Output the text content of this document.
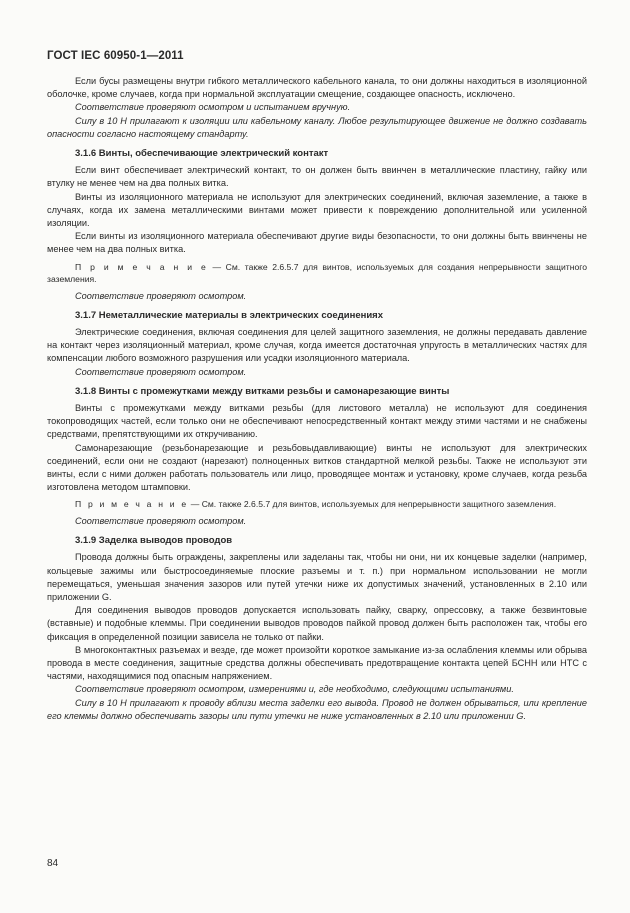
ГОСТ IEC 60950-1—2011

Если бусы размещены внутри гибкого металлического кабельного канала, то они должны находиться в изоляционной оболочке, кроме случаев, когда при нормальной эксплуатации смещение, создающее опасность, исключено.

Соответствие проверяют осмотром и испытанием вручную.

Силу в 10 Н прилагают к изоляции или кабельному каналу. Любое результирующее движение не должно создавать опасности согласно настоящему стандарту.

3.1.6 Винты, обеспечивающие электрический контакт

Если винт обеспечивает электрический контакт, то он должен быть ввинчен в металлические пластину, гайку или втулку не менее чем на два полных витка.

Винты из изоляционного материала не используют для электрических соединений, включая заземление, а также в случаях, когда их замена металлическими винтами может привести к повреждению дополнительной или усиленной изоляции.

Если винты из изоляционного материала обеспечивают другие виды безопасности, то они должны быть ввинчены не менее чем на два полных витка.

П р и м е ч а н и е — См. также 2.6.5.7 для винтов, используемых для создания непрерывности защитного заземления.

Соответствие проверяют осмотром.

3.1.7 Неметаллические материалы в электрических соединениях

Электрические соединения, включая соединения для целей защитного заземления, не должны передавать давление на контакт через изоляционный материал, кроме случая, когда имеется достаточная упругость в металлических частях для компенсации любого возможного разрушения или усадки изоляционного материала.

Соответствие проверяют осмотром.

3.1.8 Винты с промежутками между витками резьбы и самонарезающие винты

Винты с промежутками между витками резьбы (для листового металла) не используют для соединения токопроводящих частей, если только они не обеспечивают непосредственный контакт между этими частями и не снабжены средствами, препятствующими их откручиванию.

Самонарезающие (резьбонарезающие и резьбовыдавливающие) винты не используют для электрических соединений, если они не создают (нарезают) полноценных витков стандартной мелкой резьбы. Также не используют эти винты, если с ними должен работать пользователь или лицо, проводящее монтаж и установку, кроме случаев, когда резьба изготовлена методом штамповки.

П р и м е ч а н и е — См. также 2.6.5.7 для винтов, используемых для непрерывности защитного заземления.

Соответствие проверяют осмотром.

3.1.9 Заделка выводов проводов

Провода должны быть ограждены, закреплены или заделаны так, чтобы ни они, ни их концевые заделки (например, кольцевые зажимы или быстросоединяемые плоские разъемы и т. п.) при нормальном использовании не могли перемещаться, уменьшая значения зазоров или путей утечки ниже их допустимых значений, установленных в 2.10 или приложении G.

Для соединения выводов проводов допускается использовать пайку, сварку, опрессовку, а также безвинтовые (вставные) и подобные клеммы. При соединении выводов проводов пайкой провод должен быть расположен так, чтобы его фиксация в определенной позиции зависела не только от пайки.

В многоконтактных разъемах и везде, где может произойти короткое замыкание из-за ослабления клеммы или обрыва провода в месте соединения, защитные средства должны обеспечивать предотвращение контакта цепей БСНН или НТС с частями, находящимися под опасным напряжением.

Соответствие проверяют осмотром, измерениями и, где необходимо, следующими испытаниями.

Силу в 10 Н прилагают к проводу вблизи места заделки его вывода. Провод не должен обрываться, или крепление его клеммы должно обеспечивать зазоры или пути утечки не ниже установленных в 2.10 или приложении G.

84
